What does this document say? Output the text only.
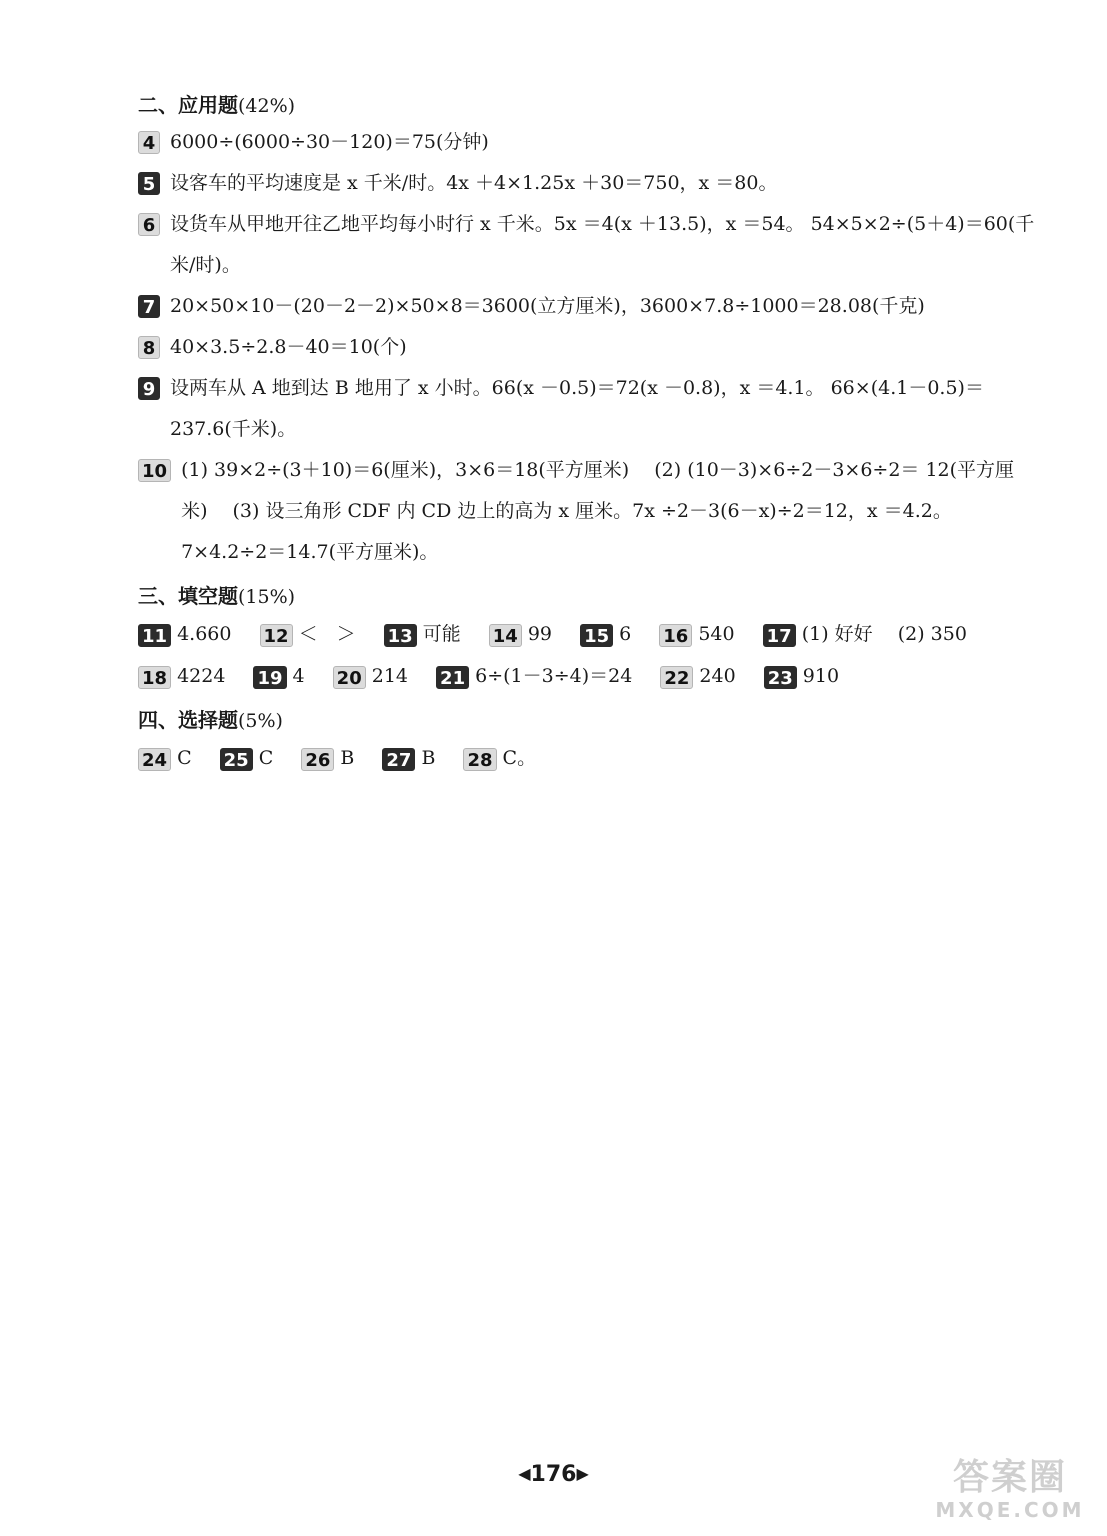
二、应用题(42%)
4 6000÷(6000÷30－120)＝75(分钟)
5 设客车的平均速度是 x 千米/时。4x ＋4×1.25x ＋30＝750，x ＝80。
6 设货车从甲地开往乙地平均每小时行 x 千米。5x ＝4(x ＋13.5)，x ＝54。 54×5×2÷(5＋4)＝60(千米/时)。
7 20×50×10－(20－2－2)×50×8＝3600(立方厘米)，3600×7.8÷1000＝28.08(千克)
8 40×3.5÷2.8－40＝10(个)
9 设两车从 A 地到达 B 地用了 x 小时。66(x －0.5)＝72(x －0.8)，x ＝4.1。 66×(4.1－0.5)＝237.6(千米)。
10 (1) 39×2÷(3＋10)＝6(厘米)，3×6＝18(平方厘米)　 (2) (10－3)×6÷2－3×6÷2＝ 12(平方厘米)　 (3) 设三角形 CDF 内 CD 边上的高为 x 厘米。7x ÷2－3(6－x)÷2＝12，x ＝4.2。 7×4.2÷2＝14.7(平方厘米)。
三、填空题(15%)
11 4.660 12 ＜　＞ 13 可能 14 99 15 6 16 540 17 (1) 好好　 (2) 350
18 4224 19 4 20 214 21 6÷(1－3÷4)＝24 22 240 23 910
四、选择题(5%)
24 C 25 C 26 B 27 B 28 C。
◀176▶	答案圈
MXQE.COM
